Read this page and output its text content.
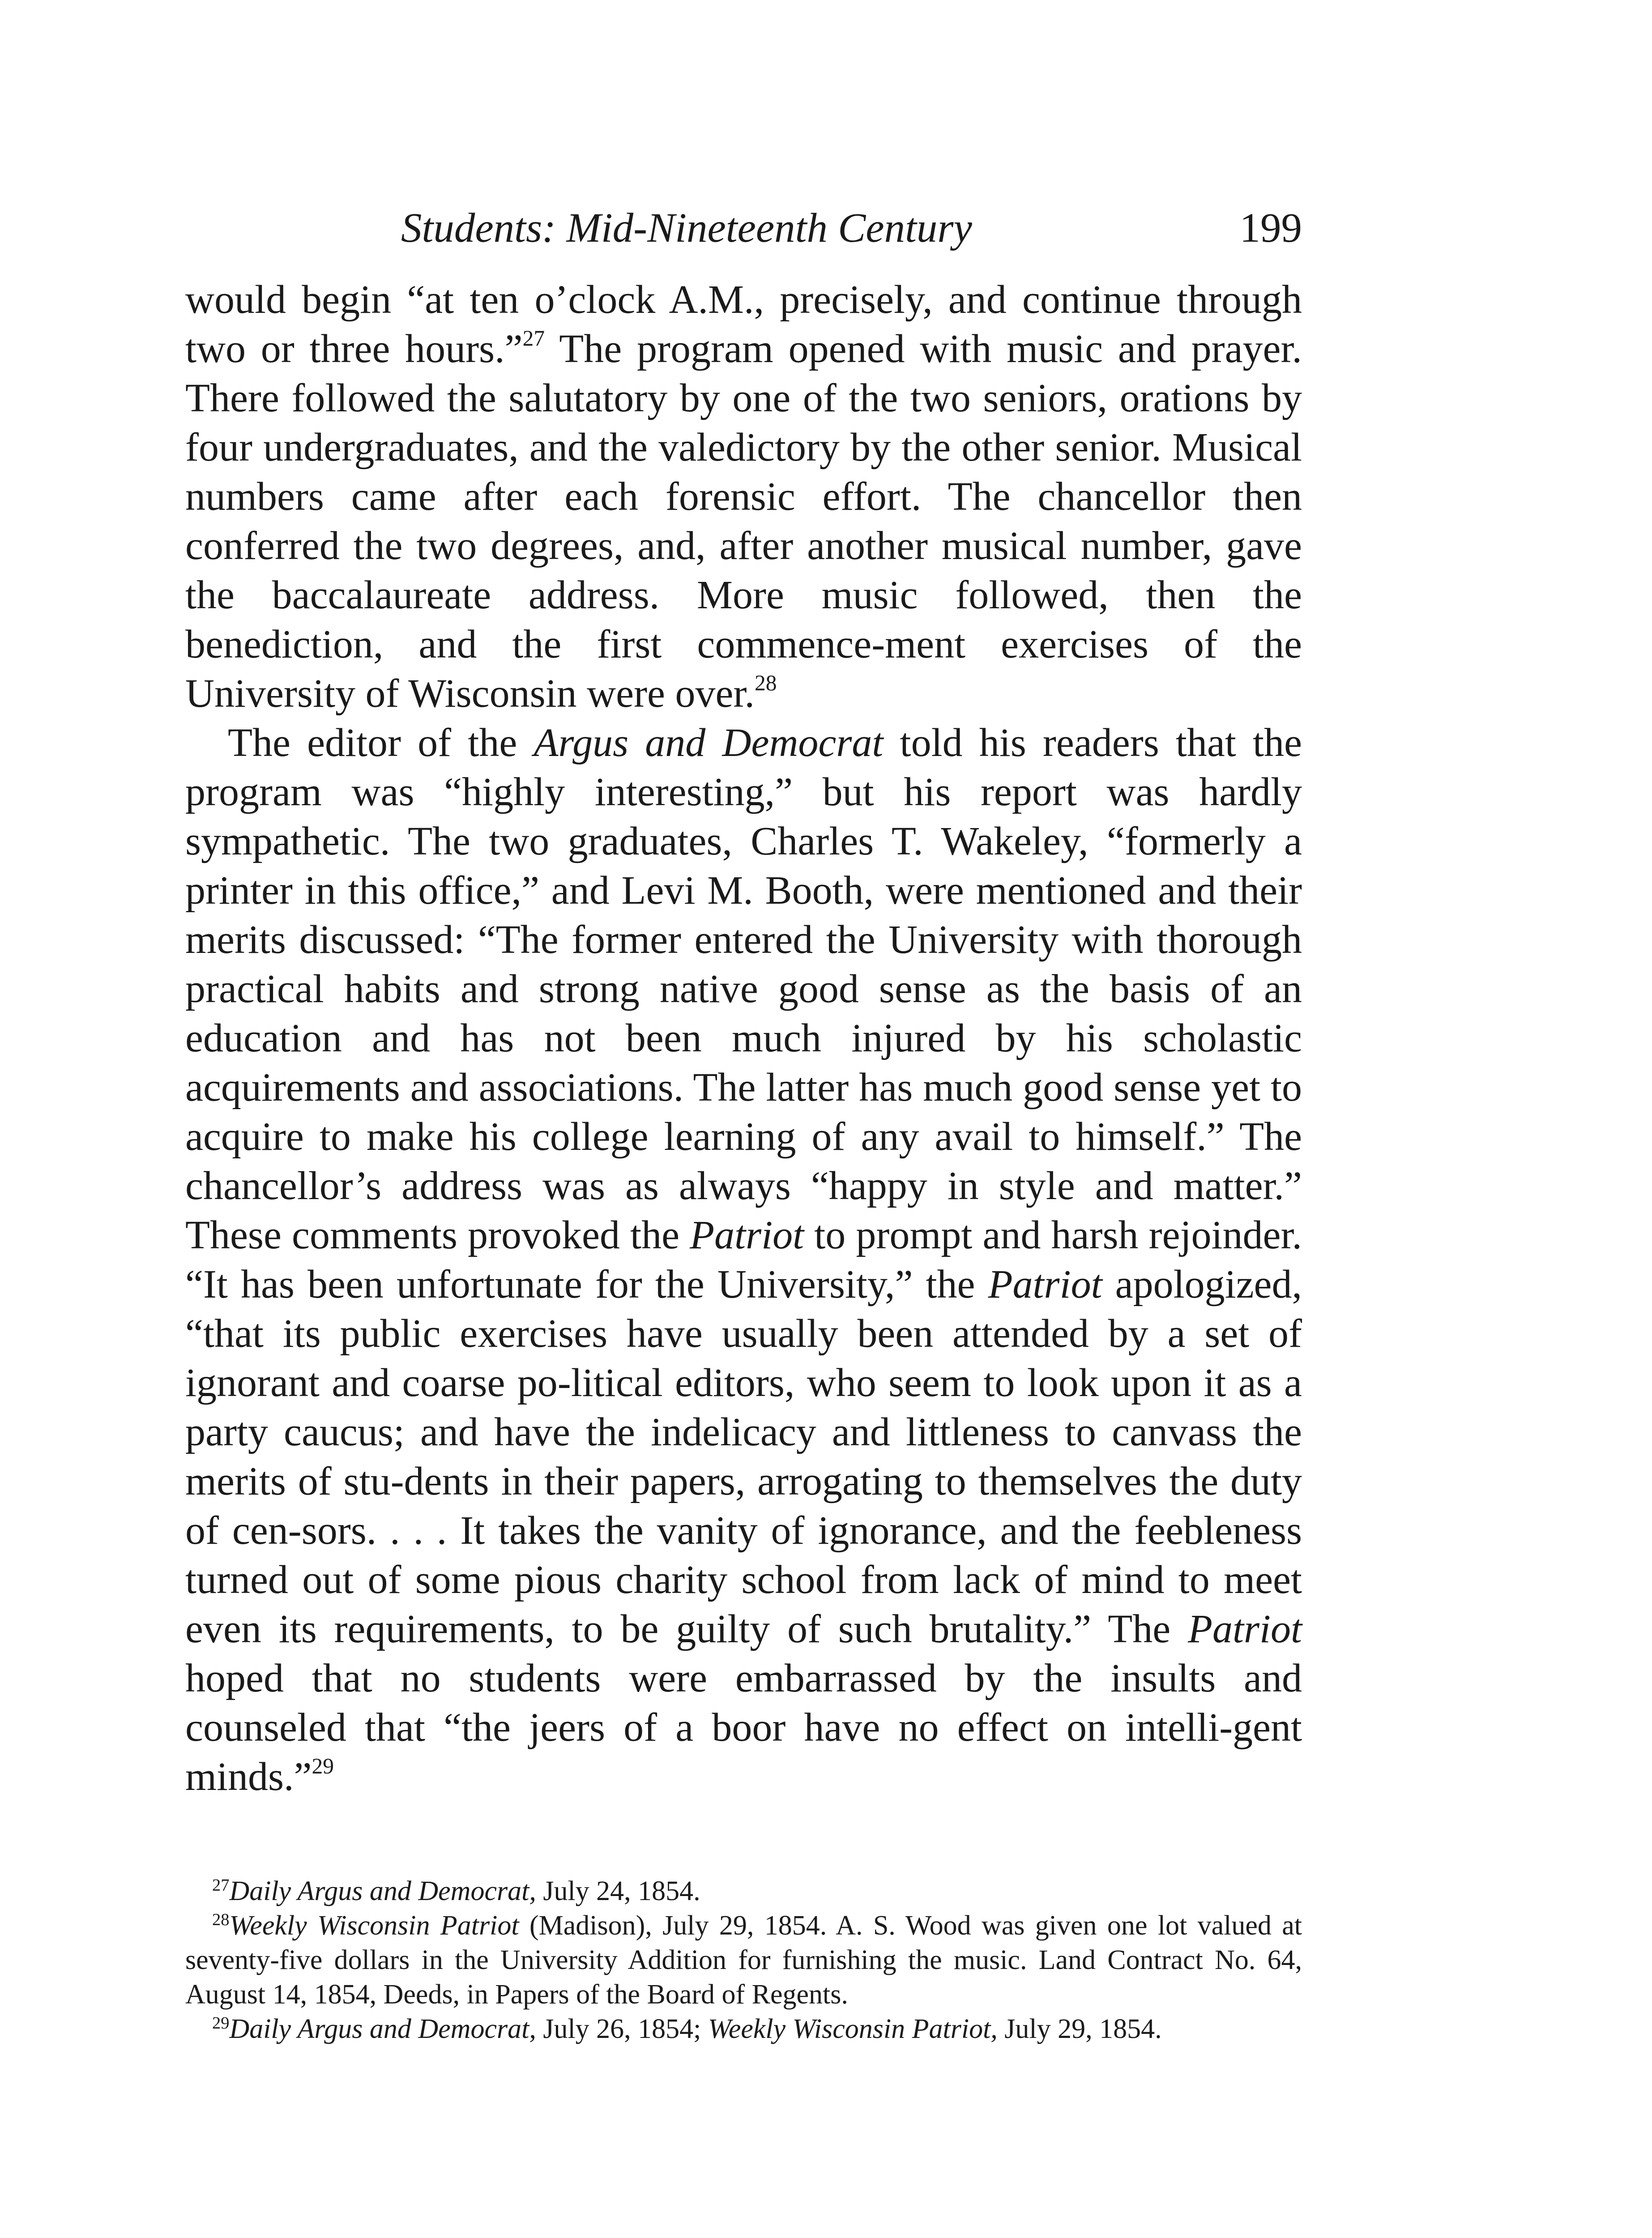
Students: Mid-Nineteenth Century	199

would begin “at ten o’clock A.M., precisely, and continue through two or three hours.”$^{27}$ The program opened with music and prayer. There followed the salutatory by one of the two seniors, orations by four undergraduates, and the valedictory by the other senior. Musical numbers came after each forensic effort. The chancellor then conferred the two degrees, and, after another musical number, gave the baccalaureate address. More music followed, then the benediction, and the first commence-ment exercises of the University of Wisconsin were over.$^{28}$

The editor of the Argus and Democrat told his readers that the program was “highly interesting,” but his report was hardly sympathetic. The two graduates, Charles T. Wakeley, “formerly a printer in this office,” and Levi M. Booth, were mentioned and their merits discussed: “The former entered the University with thorough practical habits and strong native good sense as the basis of an education and has not been much injured by his scholastic acquirements and associations. The latter has much good sense yet to acquire to make his college learning of any avail to himself.” The chancellor’s address was as always “happy in style and matter.” These comments provoked the Patriot to prompt and harsh rejoinder. “It has been unfortunate for the University,” the Patriot apologized, “that its public exercises have usually been attended by a set of ignorant and coarse po-litical editors, who seem to look upon it as a party caucus; and have the indelicacy and littleness to canvass the merits of stu-dents in their papers, arrogating to themselves the duty of cen-sors. . . . It takes the vanity of ignorance, and the feebleness turned out of some pious charity school from lack of mind to meet even its requirements, to be guilty of such brutality.” The Patriot hoped that no students were embarrassed by the insults and counseled that “the jeers of a boor have no effect on intelli-gent minds.”$^{29}$

$^{27}$Daily Argus and Democrat, July 24, 1854.

$^{28}$Weekly Wisconsin Patriot (Madison), July 29, 1854. A. S. Wood was given one lot valued at seventy-five dollars in the University Addition for furnishing the music. Land Contract No. 64, August 14, 1854, Deeds, in Papers of the Board of Regents.

$^{29}$Daily Argus and Democrat, July 26, 1854; Weekly Wisconsin Patriot, July 29, 1854.
